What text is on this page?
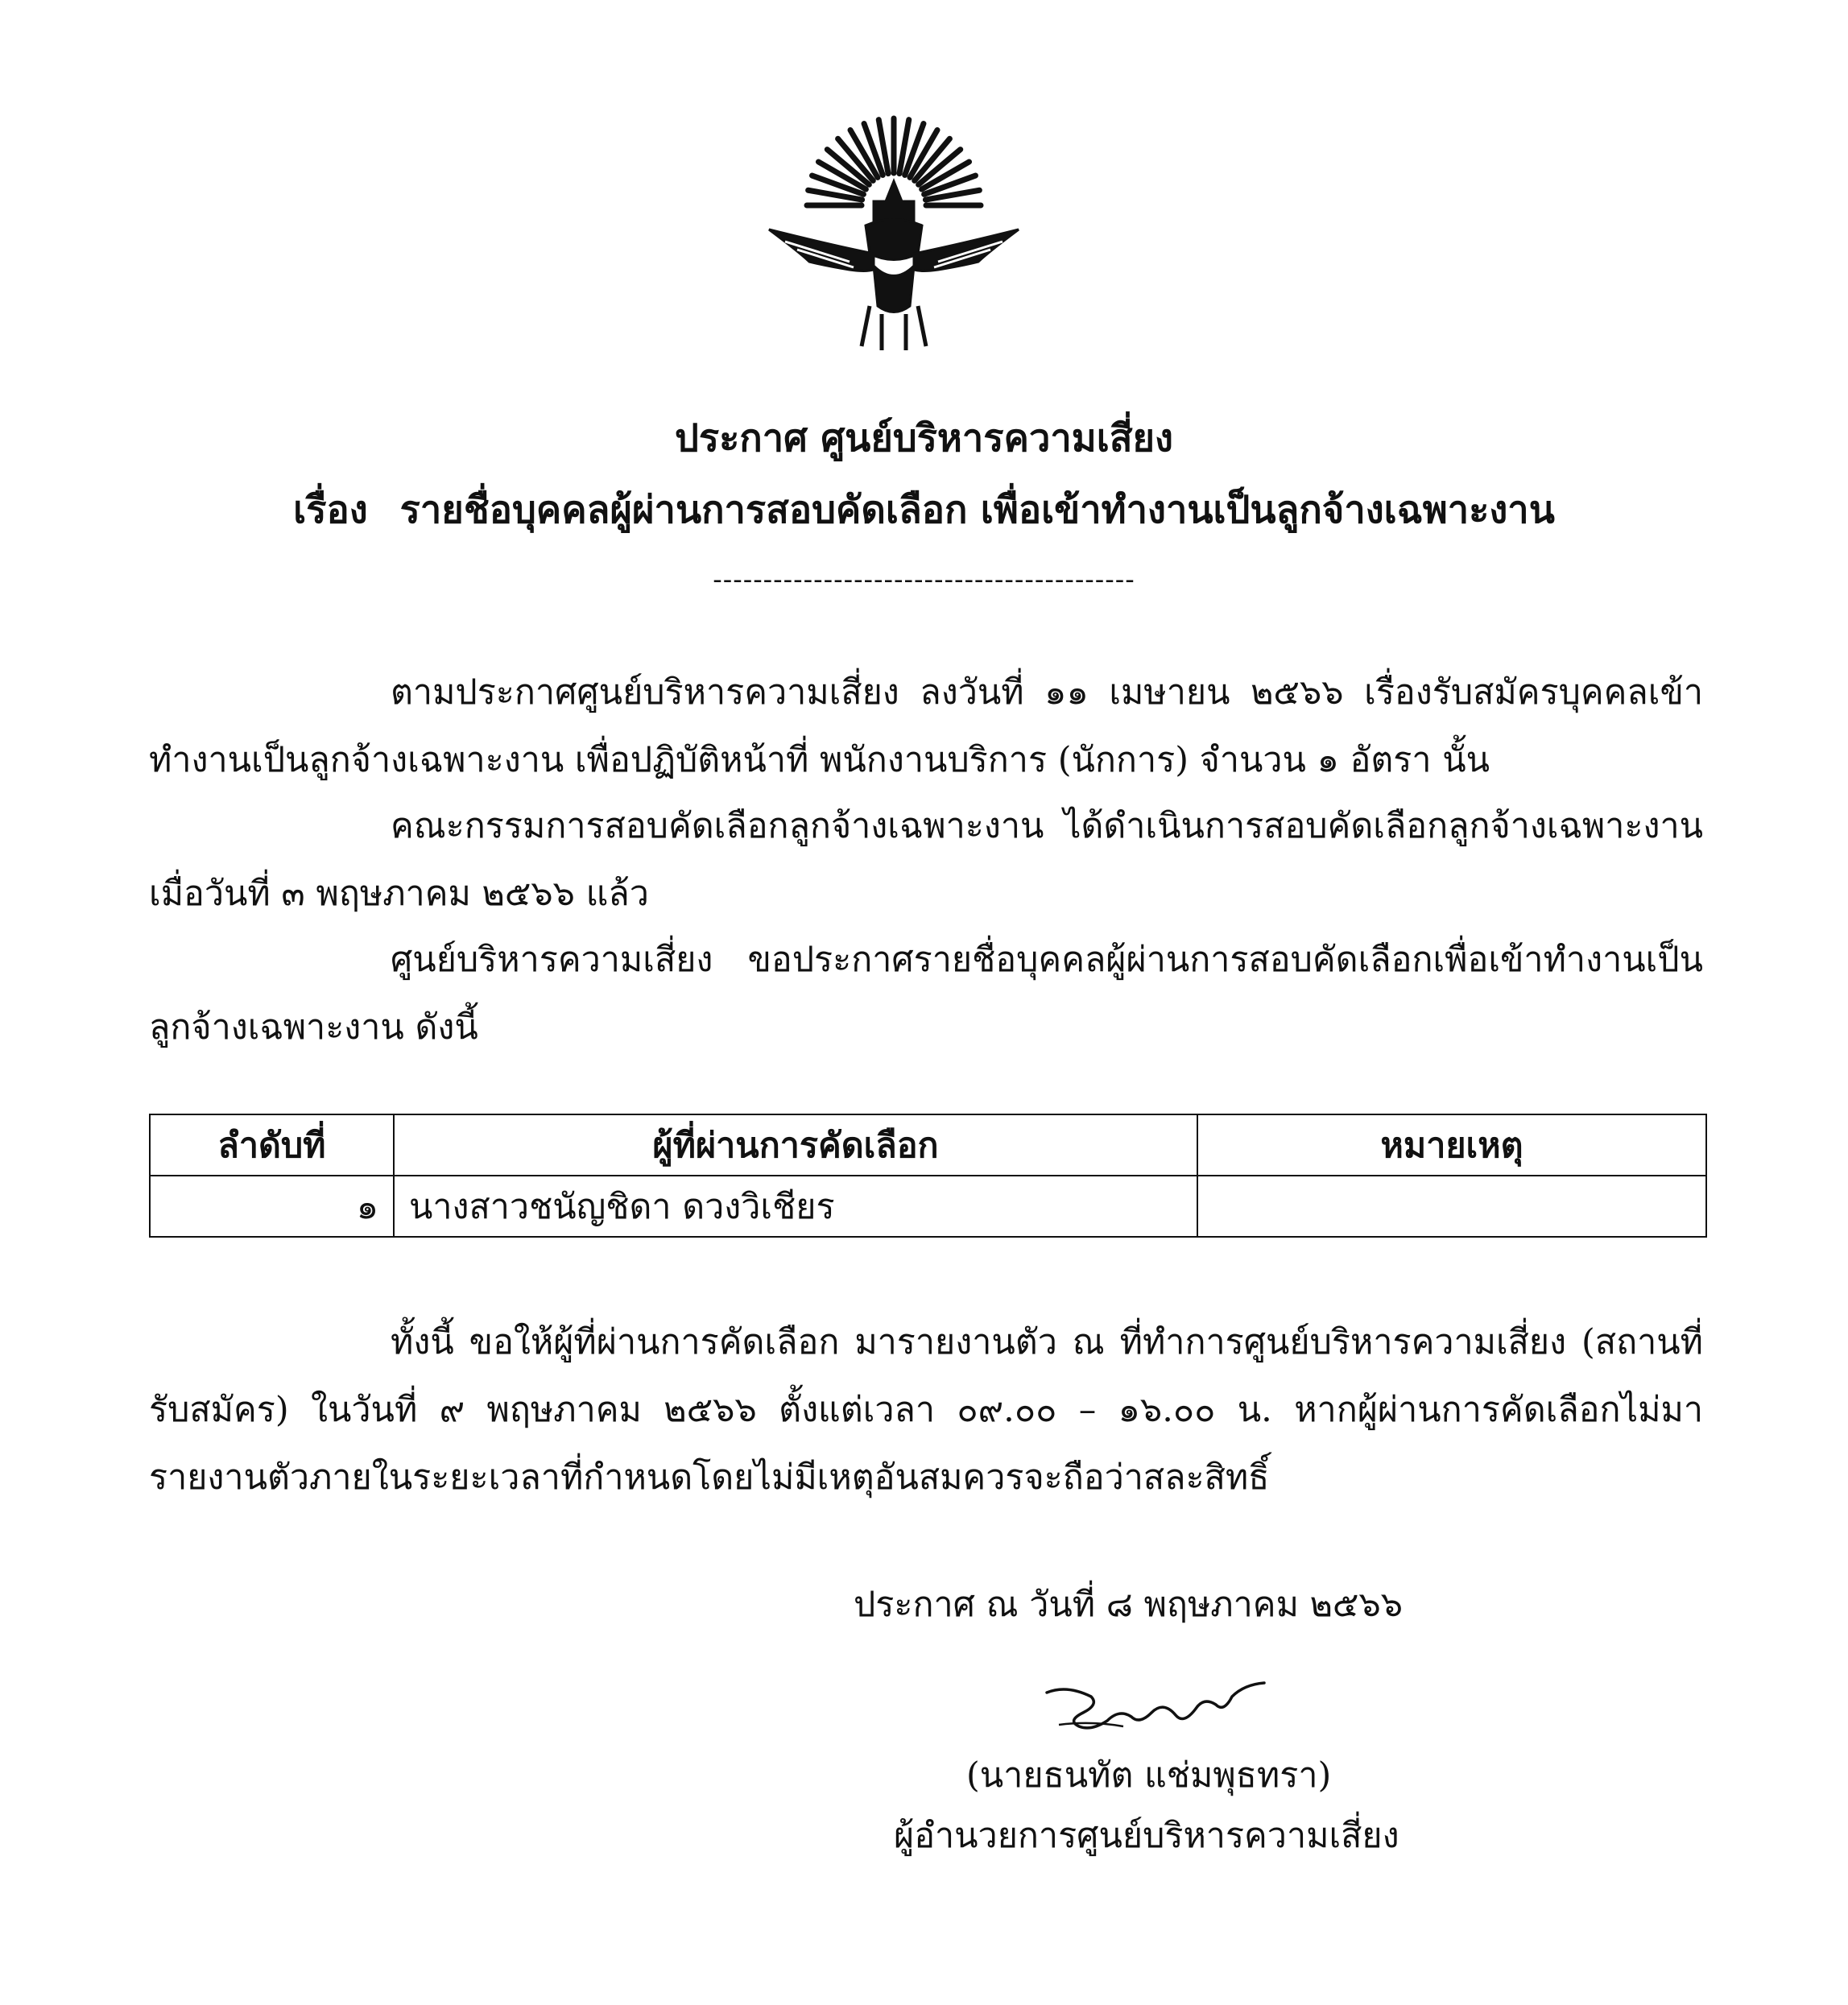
ประกาศ ศูนย์บริหารความเสี่ยง
เรื่อง รายชื่อบุคคลผู้ผ่านการสอบคัดเลือก เพื่อเข้าทำงานเป็นลูกจ้างเฉพาะงาน
------------------------------------------
ตามประกาศศูนย์บริหารความเสี่ยง ลงวันที่ ๑๑ เมษายน ๒๕๖๖ เรื่องรับสมัครบุคคลเข้าทำงานเป็นลูกจ้างเฉพาะงาน เพื่อปฏิบัติหน้าที่ พนักงานบริการ (นักการ) จำนวน ๑ อัตรา นั้น
คณะกรรมการสอบคัดเลือกลูกจ้างเฉพาะงาน ได้ดำเนินการสอบคัดเลือกลูกจ้างเฉพาะงานเมื่อวันที่ ๓ พฤษภาคม ๒๕๖๖ แล้ว
ศูนย์บริหารความเสี่ยง ขอประกาศรายชื่อบุคคลผู้ผ่านการสอบคัดเลือกเพื่อเข้าทำงานเป็นลูกจ้างเฉพาะงาน ดังนี้
ลำดับที่	ผู้ที่ผ่านการคัดเลือก	หมายเหตุ
๑	นางสาวชนัญชิดา ดวงวิเชียร	
ทั้งนี้ ขอให้ผู้ที่ผ่านการคัดเลือก มารายงานตัว ณ ที่ทำการศูนย์บริหารความเสี่ยง (สถานที่รับสมัคร) ในวันที่ ๙ พฤษภาคม ๒๕๖๖ ตั้งแต่เวลา ๐๙.๐๐ – ๑๖.๐๐ น. หากผู้ผ่านการคัดเลือกไม่มารายงานตัวภายในระยะเวลาที่กำหนดโดยไม่มีเหตุอันสมควรจะถือว่าสละสิทธิ์
ประกาศ ณ วันที่ ๘ พฤษภาคม ๒๕๖๖
(นายธนทัต แช่มพุธทรา)
ผู้อำนวยการศูนย์บริหารความเสี่ยง
